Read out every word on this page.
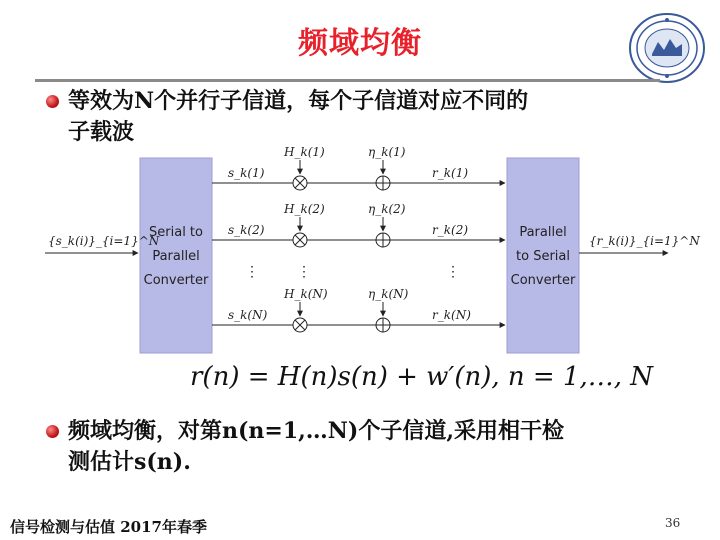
频域均衡
等效为N个并行子信道，每个子信道对应不同的
子载波
Serial to
Parallel
Converter
Parallel
to Serial
Converter
{s_k(i)}_{i=1}^N	{r_k(i)}_{i=1}^N
H_k(1)	η_k(1)
s_k(1)	r_k(1)
H_k(2)	η_k(2)
s_k(2)	r_k(2)
⋮	⋮	⋮
H_k(N)	η_k(N)
s_k(N)	r_k(N)
r(n) = H(n)s(n) + w′(n), n = 1,…, N
频域均衡，对第n(n=1,…N)个子信道,采用相干检
测估计s(n).
信号检测与估值 2017年春季	36
